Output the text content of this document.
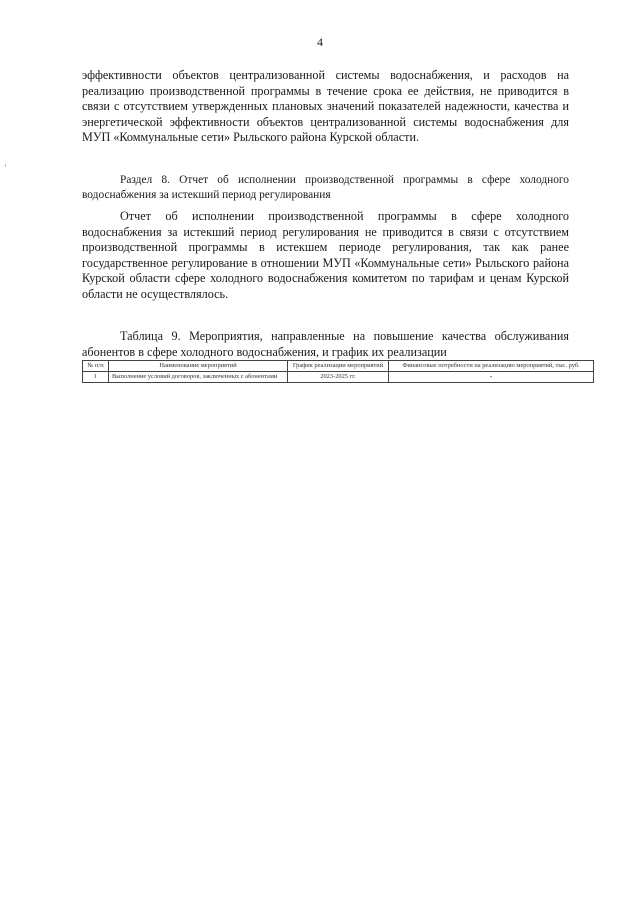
4
эффективности объектов централизованной системы водоснабжения, и расходов на реализацию производственной программы в течение срока ее действия, не приводится в связи с отсутствием утвержденных плановых значений показателей надежности, качества и энергетической эффективности объектов централизованной системы водоснабжения для МУП «Коммунальные сети» Рыльского района Курской области.
Раздел 8. Отчет об исполнении производственной программы в сфере холодного водоснабжения за истекший период регулирования
Отчет об исполнении производственной программы в сфере холодного водоснабжения за истекший период регулирования не приводится в связи с отсутствием производственной программы в истекшем периоде регулирования, так как ранее государственное регулирование в отношении МУП «Коммунальные сети» Рыльского района Курской области сфере холодного водоснабжения комитетом по тарифам и ценам Курской области не осуществлялось.
Таблица 9. Мероприятия, направленные на повышение качества обслуживания абонентов в сфере холодного водоснабжения, и график их реализации
№ п/п	Наименование мероприятий	График реализации мероприятий	Финансовые потребности на реализацию мероприятий, тыс. руб.
1	Выполнение условий договоров, заключенных с абонентами	2023-2025 гг.	-
